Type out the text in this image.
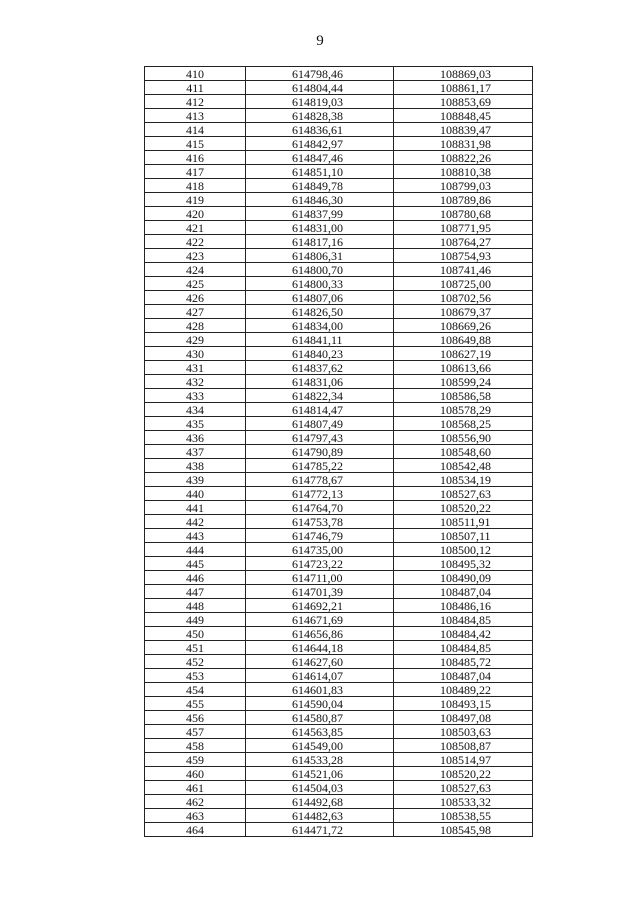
9
410	614798,46	108869,03
411	614804,44	108861,17
412	614819,03	108853,69
413	614828,38	108848,45
414	614836,61	108839,47
415	614842,97	108831,98
416	614847,46	108822,26
417	614851,10	108810,38
418	614849,78	108799,03
419	614846,30	108789,86
420	614837,99	108780,68
421	614831,00	108771,95
422	614817,16	108764,27
423	614806,31	108754,93
424	614800,70	108741,46
425	614800,33	108725,00
426	614807,06	108702,56
427	614826,50	108679,37
428	614834,00	108669,26
429	614841,11	108649,88
430	614840,23	108627,19
431	614837,62	108613,66
432	614831,06	108599,24
433	614822,34	108586,58
434	614814,47	108578,29
435	614807,49	108568,25
436	614797,43	108556,90
437	614790,89	108548,60
438	614785,22	108542,48
439	614778,67	108534,19
440	614772,13	108527,63
441	614764,70	108520,22
442	614753,78	108511,91
443	614746,79	108507,11
444	614735,00	108500,12
445	614723,22	108495,32
446	614711,00	108490,09
447	614701,39	108487,04
448	614692,21	108486,16
449	614671,69	108484,85
450	614656,86	108484,42
451	614644,18	108484,85
452	614627,60	108485,72
453	614614,07	108487,04
454	614601,83	108489,22
455	614590,04	108493,15
456	614580,87	108497,08
457	614563,85	108503,63
458	614549,00	108508,87
459	614533,28	108514,97
460	614521,06	108520,22
461	614504,03	108527,63
462	614492,68	108533,32
463	614482,63	108538,55
464	614471,72	108545,98
